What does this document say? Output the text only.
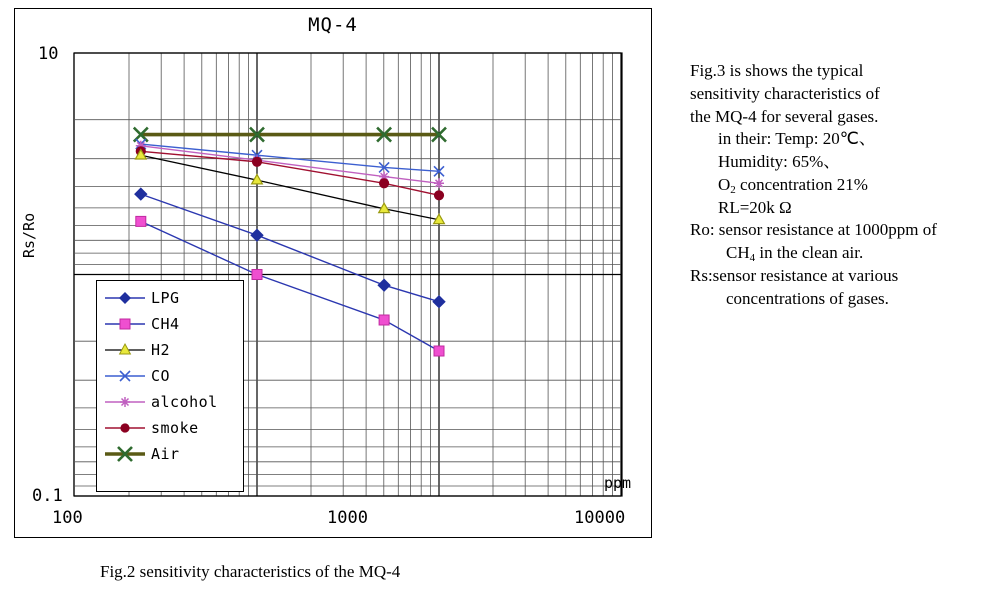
MQ-4
Rs/Ro
10
0.1
100	1000	10000
ppm
LPG
CH4
H2
CO
alcohol
smoke
Air
Fig.3 is shows the typical
sensitivity characteristics of
the MQ-4 for several gases.
in their: Temp: 20℃、
Humidity: 65%、
$O_2$ concentration 21%
RL=20k Ω
Ro: sensor resistance at 1000ppm of
$CH_4$ in the clean air.
Rs:sensor resistance at various
concentrations of gases.
Fig.2 sensitivity characteristics of the MQ-4
